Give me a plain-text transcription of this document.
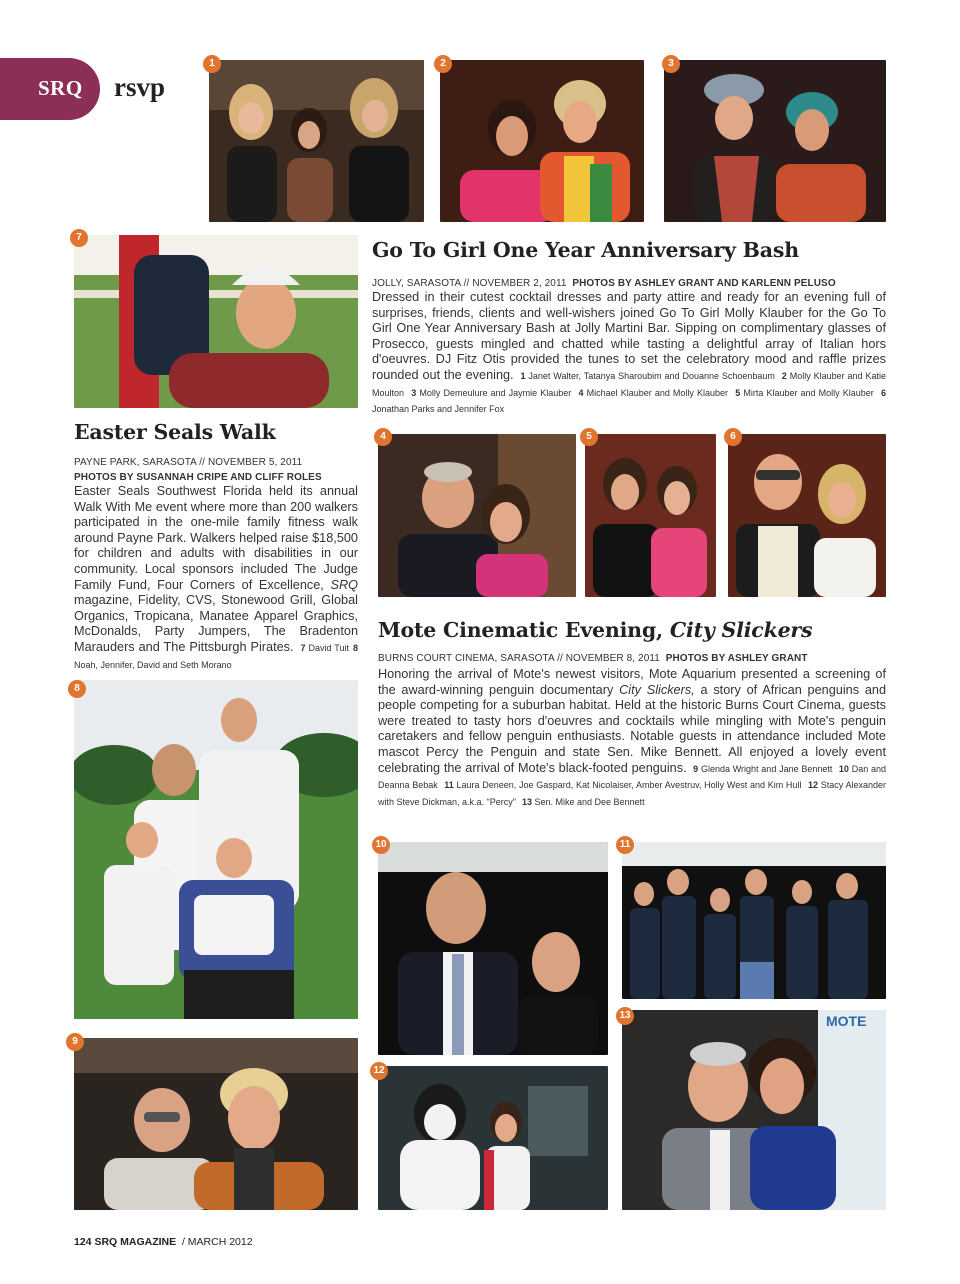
SRQ rsvp
MOTE
1	2	3
7
4	5	6
8
9
10	11
12
13
Go To Girl One Year Anniversary Bash
JOLLY, SARASOTA // NOVEMBER 2, 2011 PHOTOS BY ASHLEY GRANT AND KARLENN PELUSO

Dressed in their cutest cocktail dresses and party attire and ready for an evening full of surprises, friends, clients and well-wishers joined Go To Girl Molly Klauber for the Go To Girl One Year Anniversary Bash at Jolly Martini Bar. Sipping on complimentary glasses of Prosecco, guests mingled and chatted while tasting a delightful array of Italian hors d'oeuvres. DJ Fitz Otis provided the tunes to set the celebratory mood and raffle prizes rounded out the evening. 1 Janet Walter, Tatanya Sharoubim and Douanne Schoenbaum 2 Molly Klauber and Katie Moulton 3 Molly Demeulure and Jaymie Klauber 4 Michael Klauber and Molly Klauber 5 Mirta Klauber and Molly Klauber 6 Jonathan Parks and Jennifer Fox

Easter Seals Walk
PAYNE PARK, SARASOTA // NOVEMBER 5, 2011
PHOTOS BY SUSANNAH CRIPE AND CLIFF ROLES

Easter Seals Southwest Florida held its annual Walk With Me event where more than 200 walkers participated in the one-mile family fitness walk around Payne Park. Walkers helped raise $18,500 for children and adults with disabilities in our community. Local sponsors included The Judge Family Fund, Four Corners of Excellence, SRQ magazine, Fidelity, CVS, Stonewood Grill, Global Organics, Tropicana, Manatee Apparel Graphics, McDonalds, Party Jumpers, The Bradenton Marauders and The Pittsburgh Pirates. 7 David Tuit 8 Noah, Jennifer, David and Seth Morano

Mote Cinematic Evening, City Slickers
BURNS COURT CINEMA, SARASOTA // NOVEMBER 8, 2011 PHOTOS BY ASHLEY GRANT

Honoring the arrival of Mote's newest visitors, Mote Aquarium presented a screening of the award-winning penguin documentary City Slickers, a story of African penguins and people competing for a suburban habitat. Held at the historic Burns Court Cinema, guests were treated to tasty hors d'oeuvres and cocktails while mingling with Mote's penguin caretakers and fellow penguin enthusiasts. Notable guests in attendance included Mote mascot Percy the Penguin and state Sen. Mike Bennett. All enjoyed a lovely event celebrating the arrival of Mote's black-footed penguins. 9 Glenda Wright and Jane Bennett 10 Dan and Deanna Bebak 11 Laura Deneen, Joe Gaspard, Kat Nicolaiser, Amber Avestruv, Holly West and Kim Hull 12 Stacy Alexander with Steve Dickman, a.k.a. "Percy" 13 Sen. Mike and Dee Bennett

124 SRQ MAGAZINE / MARCH 2012
